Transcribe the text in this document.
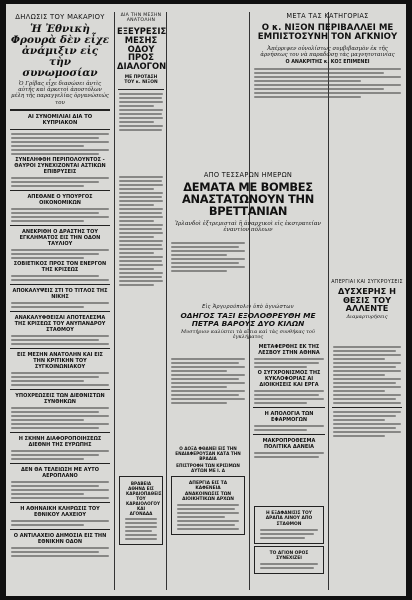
ΔΗΛΩΣΙΣ ΤΟΥ ΜΑΚΑΡΙΟΥ
Ἡ Ἐθνικὴ Φρουρὰ δὲν εἶχε ἀνάμιξιν εἰς τὴν συνωμοσίαν
Ὁ Γρίβας εἶχε διασώσει ἀντὶς αὐτῆς καὶ ἀρκετοὶ ἀποστόλων μέλη τῆς παραγγελίας ὀργανώσεώς του
ΑΙ ΣΥΝΟΜΙΛΙΑΙ ΔΙΑ ΤΟ ΚΥΠΡΙΑΚΟΝ
ΣΥΝΕΛΗΦΘΗ ΠΕΡΙΠΟΛΟΥΝΤΟΣ - ΘΑΥΡΟΙ ΣΥΝΕΧΙΖΟΝΤΑΙ ΑΣΤΙΚΩΝ ΕΠΙΒΡΥΣΕΙΣ
ΑΠΕΘΑΝΕ Ο ΥΠΟΥΡΓΟΣ ΟΙΚΟΝΟΜΙΚΩΝ
ΑΝΕΚΡΙΘΗ Ο ΔΡΑΣΤΗΣ ΤΟΥ ΕΓΚΛΗΜΑΤΟΣ ΕΙΣ ΤΗΝ ΟΔΟΝ ΤΑΥΛΙΟΥ
ΣΟΒΙΕΤΙΚΟΣ ΠΡΟΣ ΤΟΝ ΕΝΕΡΓΟΝ ΤΗΣ ΚΡΙΣΕΩΣ
ΑΠΟΚΑΛΥΨΕΙΣ ΣΤΙ ΤΟ ΤΙΤΛΟΣ ΤΗΣ ΝΙΚΗΣ
ΑΝΑΚΑΛΥΦΘΕΙΣΑΙ ΑΠΟΤΕΛΕΣΜΑ ΤΗΣ ΚΡΙΣΕΩΣ ΤΟΥ ΑΝΥΠΑΝΔΡΟΥ ΣΤΑΘΜΟΥ
ΕΙΣ ΜΕΣΗΝ ΑΝΑΤΟΛΗΝ ΚΑΙ ΕΙΣ ΤΗΝ ΚΡΙΤΙΚΗΝ ΤΟΥ ΣΥΓΚΟΙΝΩΝΙΑΚΟΥ
ΥΠΟΧΡΕΩΣΕΙΣ ΤΩΝ ΔΙΕΘΝΙΣΤΩΝ ΣΥΝΘΗΚΩΝ
Η ΣΚΗΝΗ ΔΙΑΦΟΡΟΠΟΙΗΣΕΩΣ ΔΙΕΘΝΗ ΤΗΣ ΕΥΡΩΠΗΣ
ΔΕΝ ΘΑ ΤΕΛΕΙΩΣΗ ΜΕ ΑΥΤΟ ΑΕΡΟΠΛΑΝΟ
Η ΑΘΗΝΑΙΚΗ ΚΛΗΡΩΣΙΣ ΤΟΥ ΕΘΝΙΚΟΥ ΛΑΧΕΙΟΥ
Ο ΑΝΤΙΛΑΧΕΙΟ ΔΗΜΟΣΙΑ ΕΙΣ ΤΗΝ ΕΘΝΙΚΗΝ ΟΔΟΝ
ΔΙΑ ΤΗΝ ΜΕΣΗΝ ΑΝΑΤΟΛΗΝ
ΕΞΕΥΡΕΣΙΣ ΜΕΣΗΣ ΟΔΟΥ ΠΡΟΣ ΔΙΑΛΟΓΟΝ
ΜΕ ΠΡΟΤΑΣΗ ΤΟΥ κ. ΝΙΞΟΝ
ΜΕΤΑ ΤΑΣ ΚΑΤΗΓΟΡΙΑΣ
Ο κ. ΝΙΞΟΝ ΠΕΡΙΒΑΛΛΕΙ ΜΕ ΕΜΠΙΣΤΟΣΥΝΗ ΤΟΝ ΑΓΚΝΙΟΥ
Ἀπέρριψεν οὐνολίστως συμβιβασμὸν ἐκ τῆς ἀρνήσεως του νὰ παραδῶσῃ τὰς μαγνητοταινίας
Ο ΑΝΑΚΡΙΤΗΣ κ. ΚΟΞ ΕΠΙΜΕΝΕΙ
ΑΠΟ ΤΕΣΣΑΡΩΝ ΗΜΕΡΩΝ
ΔΕΜΑΤΑ ΜΕ ΒΟΜΒΕΣ ΑΝΑΣΤΑΤΩΝΟΥΝ ΤΗΝ ΒΡΕΤΤΑΝΙΑΝ
Ἰρλανδοὶ ἐξτρεμισταὶ ἢ ἀναρχικοὶ εἰς ἐκστρατείαν ἐναντίον πόλεων
ΑΠΕΡΓΙΑΙ ΚΑΙ ΣΥΓΚΡΟΥΣΕΙΣ
ΔΥΣΧΕΡΗΣ Η ΘΕΣΙΣ ΤΟΥ ΑΛΛΕΝΤΕ
Διαμαρτυρήσεις
Εἰς Ἀργυρούπολιν ὑπὸ ἀγνώστων
ΟΔΗΓΟΣ ΤΑΞΙ ΕΞΟΛΟΘΡΕΥΘΗ ΜΕ ΠΕΤΡΑ ΒΑΡΟΥΣ ΔΥΟ ΚΙΛΩΝ
Μυστήριον καλύπτει τὰ αἴτια καὶ τὰς συνθήκας τοῦ ἐγκλήματος
ΜΕΤΑΦΕΡΘΗΣ ΕΚ ΤΗΣ ΛΕΣΒΟΥ ΣΤΗΝ ΑΘΗΝΑ
Ο ΣΥΓΧΡΟΝΙΣΜΟΣ ΤΗΣ ΚΥΚΛΟΦΟΡΙΑΣ ΑΙ ΔΙΟΙΚΗΣΕΙΣ ΚΑΙ ΕΡΓΑ
Η ΑΠΟΛΟΓΙΑ ΤΩΝ ΕΦΑΡΜΟΓΩΝ
ΜΑΚΡΟΠΡΟΘΕΣΜΑ ΠΟΛΙΤΙΚΑ ΔΑΝΕΙΑ
Ο ΔΟΞΑ ΦΘΑΝΕΙ ΕΙΣ ΤΗΝ ΕΝΔΙΑΦΕΡΟΥΣΑΝ ΚΑΤΑ ΤΗΝ ΒΡΑΔΙΑ
ΕΠΙΣΤΡΟΦΗ ΤΩΝ ΚΡΙΣΙΜΩΝ ΑΥΤΩΝ ΜΕ Ι. Δ
ΒΡΑΒΕΙΑ ΑΘΗΝΑ ΕΙΣ ΚΑΡΔΙΟΠΑΘΕΙΣ ΤΟΥ ΚΑΡΔΙΟΛΟΓΟΥ ΚΑΙ ΑΓΟΝΑΔΑ
ΑΠΕΡΓΙΑ ΕΙΣ ΤΑ ΚΑΦΕΝΕΙΑ ΑΝΑΚΟΙΝΩΣΙΣ ΤΩΝ ΔΙΟΙΚΗΤΙΚΩΝ ΑΡΧΩΝ
Η ΕΞΑΦΑΝΙΣΙΣ ΤΟΥ ΑΡΑΠΑ ΛΙΝΟΥ ΑΠΟ ΣΤΑΘΜΟΝ
ΤΟ ΑΓΙΟΝ ΟΡΟΣ ΣΥΝΕΧΙΖΕΙ
